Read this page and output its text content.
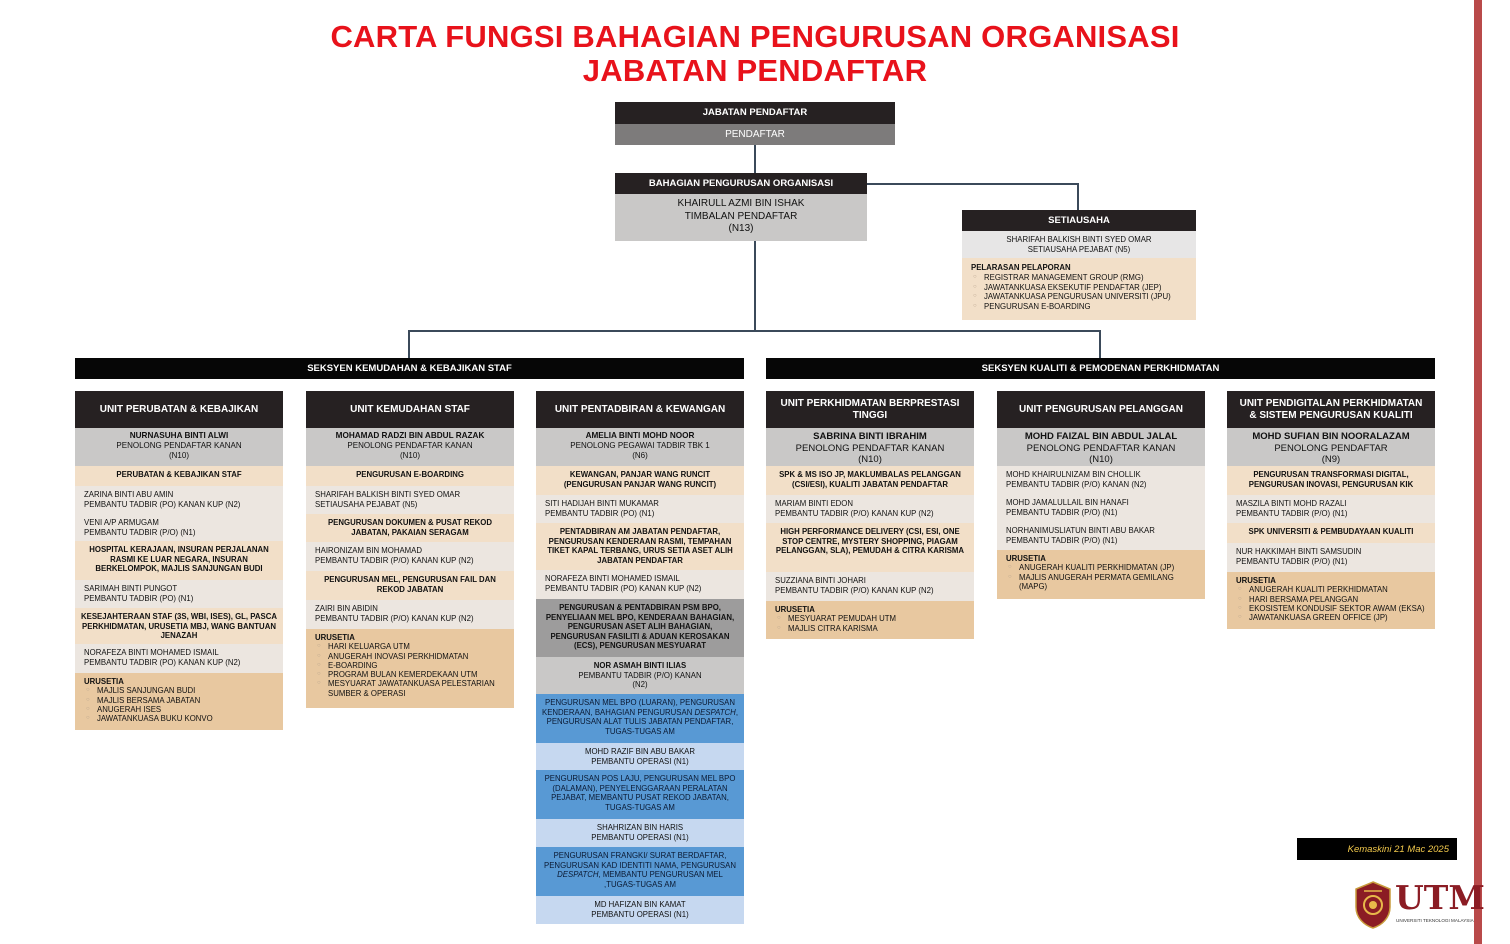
CARTA FUNGSI BAHAGIAN PENGURUSAN ORGANISASI
JABATAN PENDAFTAR
JABATAN PENDAFTAR
PENDAFTAR
BAHAGIAN PENGURUSAN ORGANISASI
KHAIRULL AZMI BIN ISHAK
TIMBALAN PENDAFTAR
(N13)
SETIAUSAHA
SHARIFAH BALKISH BINTI SYED OMAR
SETIAUSAHA PEJABAT (N5)
PELARASAN PELAPORAN
○ REGISTRAR MANAGEMENT GROUP (RMG)
○ JAWATANKUASA EKSEKUTIF PENDAFTAR (JEP)
○ JAWATANKUASA PENGURUSAN UNIVERSITI (JPU)
○ PENGURUSAN E-BOARDING
SEKSYEN KEMUDAHAN & KEBAJIKAN STAF	SEKSYEN KUALITI & PEMODENAN PERKHIDMATAN
UNIT PERUBATAN & KEBAJIKAN
NURNASUHA BINTI ALWI
PENOLONG PENDAFTAR KANAN
(N10)
PERUBATAN & KEBAJIKAN STAF
ZARINA BINTI ABU AMIN
PEMBANTU TADBIR (PO) KANAN KUP (N2)
VENI A/P ARMUGAM
PEMBANTU TADBIR (P/O) (N1)
HOSPITAL KERAJAAN, INSURAN PERJALANAN RASMI KE LUAR NEGARA, INSURAN BERKELOMPOK, MAJLIS SANJUNGAN BUDI
SARIMAH BINTI PUNGOT
PEMBANTU TADBIR (PO) (N1)
KESEJAHTERAAN STAF (3S, WBI, ISES), GL, PASCA PERKHIDMATAN, URUSETIA MBJ, WANG BANTUAN JENAZAH
NORAFEZA BINTI MOHAMED ISMAIL
PEMBANTU TADBIR (PO) KANAN KUP (N2)
URUSETIA
○ MAJLIS SANJUNGAN BUDI
○ MAJLIS BERSAMA JABATAN
○ ANUGERAH ISES
○ JAWATANKUASA BUKU KONVO
UNIT KEMUDAHAN STAF
MOHAMAD RADZI BIN ABDUL RAZAK
PENOLONG PENDAFTAR KANAN
(N10)
PENGURUSAN E-BOARDING
SHARIFAH BALKISH BINTI SYED OMAR
SETIAUSAHA PEJABAT (N5)
PENGURUSAN DOKUMEN & PUSAT REKOD JABATAN, PAKAIAN SERAGAM
HAIRONIZAM BIN MOHAMAD
PEMBANTU TADBIR (P/O) KANAN KUP (N2)
PENGURUSAN MEL, PENGURUSAN FAIL DAN REKOD JABATAN
ZAIRI BIN ABIDIN
PEMBANTU TADBIR (P/O) KANAN KUP (N2)
URUSETIA
○ HARI KELUARGA UTM
○ ANUGERAH INOVASI PERKHIDMATAN
○ E-BOARDING
○ PROGRAM BULAN KEMERDEKAAN UTM
○ MESYUARAT JAWATANKUASA PELESTARIAN SUMBER & OPERASI
UNIT PENTADBIRAN & KEWANGAN
AMELIA BINTI MOHD NOOR
PENOLONG PEGAWAI TADBIR TBK 1
(N6)
KEWANGAN, PANJAR WANG RUNCIT (PENGURUSAN PANJAR WANG RUNCIT)
SITI HADIJAH BINTI MUKAMAR
PEMBANTU TADBIR (PO) (N1)
PENTADBIRAN AM JABATAN PENDAFTAR, PENGURUSAN KENDERAAN RASMI, TEMPAHAN TIKET KAPAL TERBANG, URUS SETIA ASET ALIH JABATAN PENDAFTAR
NORAFEZA BINTI MOHAMED ISMAIL
PEMBANTU TADBIR (PO) KANAN KUP (N2)
PENGURUSAN & PENTADBIRAN PSM BPO, PENYELIAAN MEL BPO, KENDERAAN BAHAGIAN, PENGURUSAN ASET ALIH BAHAGIAN, PENGURUSAN FASILITI & ADUAN KEROSAKAN (ECS), PENGURUSAN MESYUARAT
NOR ASMAH BINTI ILIAS
PEMBANTU TADBIR (P/O) KANAN
(N2)
PENGURUSAN MEL BPO (LUARAN), PENGURUSAN KENDERAAN, BAHAGIAN PENGURUSAN DESPATCH, PENGURUSAN ALAT TULIS JABATAN PENDAFTAR, TUGAS-TUGAS AM
MOHD RAZIF BIN ABU BAKAR
PEMBANTU OPERASI (N1)
PENGURUSAN POS LAJU, PENGURUSAN MEL BPO (DALAMAN), PENYELENGGARAAN PERALATAN PEJABAT, MEMBANTU PUSAT REKOD JABATAN, TUGAS-TUGAS AM
SHAHRIZAN BIN HARIS
PEMBANTU OPERASI (N1)
PENGURUSAN FRANGKI/ SURAT BERDAFTAR, PENGURUSAN KAD IDENTITI NAMA, PENGURUSAN DESPATCH, MEMBANTU PENGURUSAN MEL ,TUGAS-TUGAS AM
MD HAFIZAN BIN KAMAT
PEMBANTU OPERASI (N1)
UNIT PERKHIDMATAN BERPRESTASI TINGGI
SABRINA BINTI IBRAHIM
PENOLONG PENDAFTAR KANAN
(N10)
SPK & MS ISO JP, MAKLUMBALAS PELANGGAN (CSI/ESI), KUALITI JABATAN PENDAFTAR
MARIAM BINTI EDON
PEMBANTU TADBIR (P/O) KANAN KUP (N2)
HIGH PERFORMANCE DELIVERY (CSI, ESI, ONE STOP CENTRE, MYSTERY SHOPPING, PIAGAM PELANGGAN, SLA), PEMUDAH & CITRA KARISMA
SUZZIANA BINTI JOHARI
PEMBANTU TADBIR (P/O) KANAN KUP (N2)
URUSETIA
○ MESYUARAT PEMUDAH UTM
○ MAJLIS CITRA KARISMA
UNIT PENGURUSAN PELANGGAN
MOHD FAIZAL BIN ABDUL JALAL
PENOLONG PENDAFTAR KANAN
(N10)
MOHD KHAIRULNIZAM BIN CHOLLIK
PEMBANTU TADBIR (P/O) KANAN (N2)
MOHD JAMALULLAIL BIN HANAFI
PEMBANTU TADBIR (P/O) (N1)
NORHANIMUSLIATUN BINTI ABU BAKAR
PEMBANTU TADBIR (P/O) (N1)
URUSETIA
○ ANUGERAH KUALITI PERKHIDMATAN (JP)
○ MAJLIS ANUGERAH PERMATA GEMILANG (MAPG)
UNIT PENDIGITALAN PERKHIDMATAN & SISTEM PENGURUSAN KUALITI
MOHD SUFIAN BIN NOORALAZAM
PENOLONG PENDAFTAR
(N9)
PENGURUSAN TRANSFORMASI DIGITAL, PENGURUSAN INOVASI, PENGURUSAN KIK
MASZILA BINTI MOHD RAZALI
PEMBANTU TADBIR (P/O) (N1)
SPK UNIVERSITI & PEMBUDAYAAN KUALITI
NUR HAKKIMAH BINTI SAMSUDIN
PEMBANTU TADBIR (P/O) (N1)
URUSETIA
○ ANUGERAH KUALITI PERKHIDMATAN
○ HARI BERSAMA PELANGGAN
○ EKOSISTEM KONDUSIF SEKTOR AWAM (EKSA)
○ JAWATANKUASA GREEN OFFICE (JP)
Kemaskini 21 Mac 2025
UTM
UNIVERSITI TEKNOLOGI MALAYSIA
